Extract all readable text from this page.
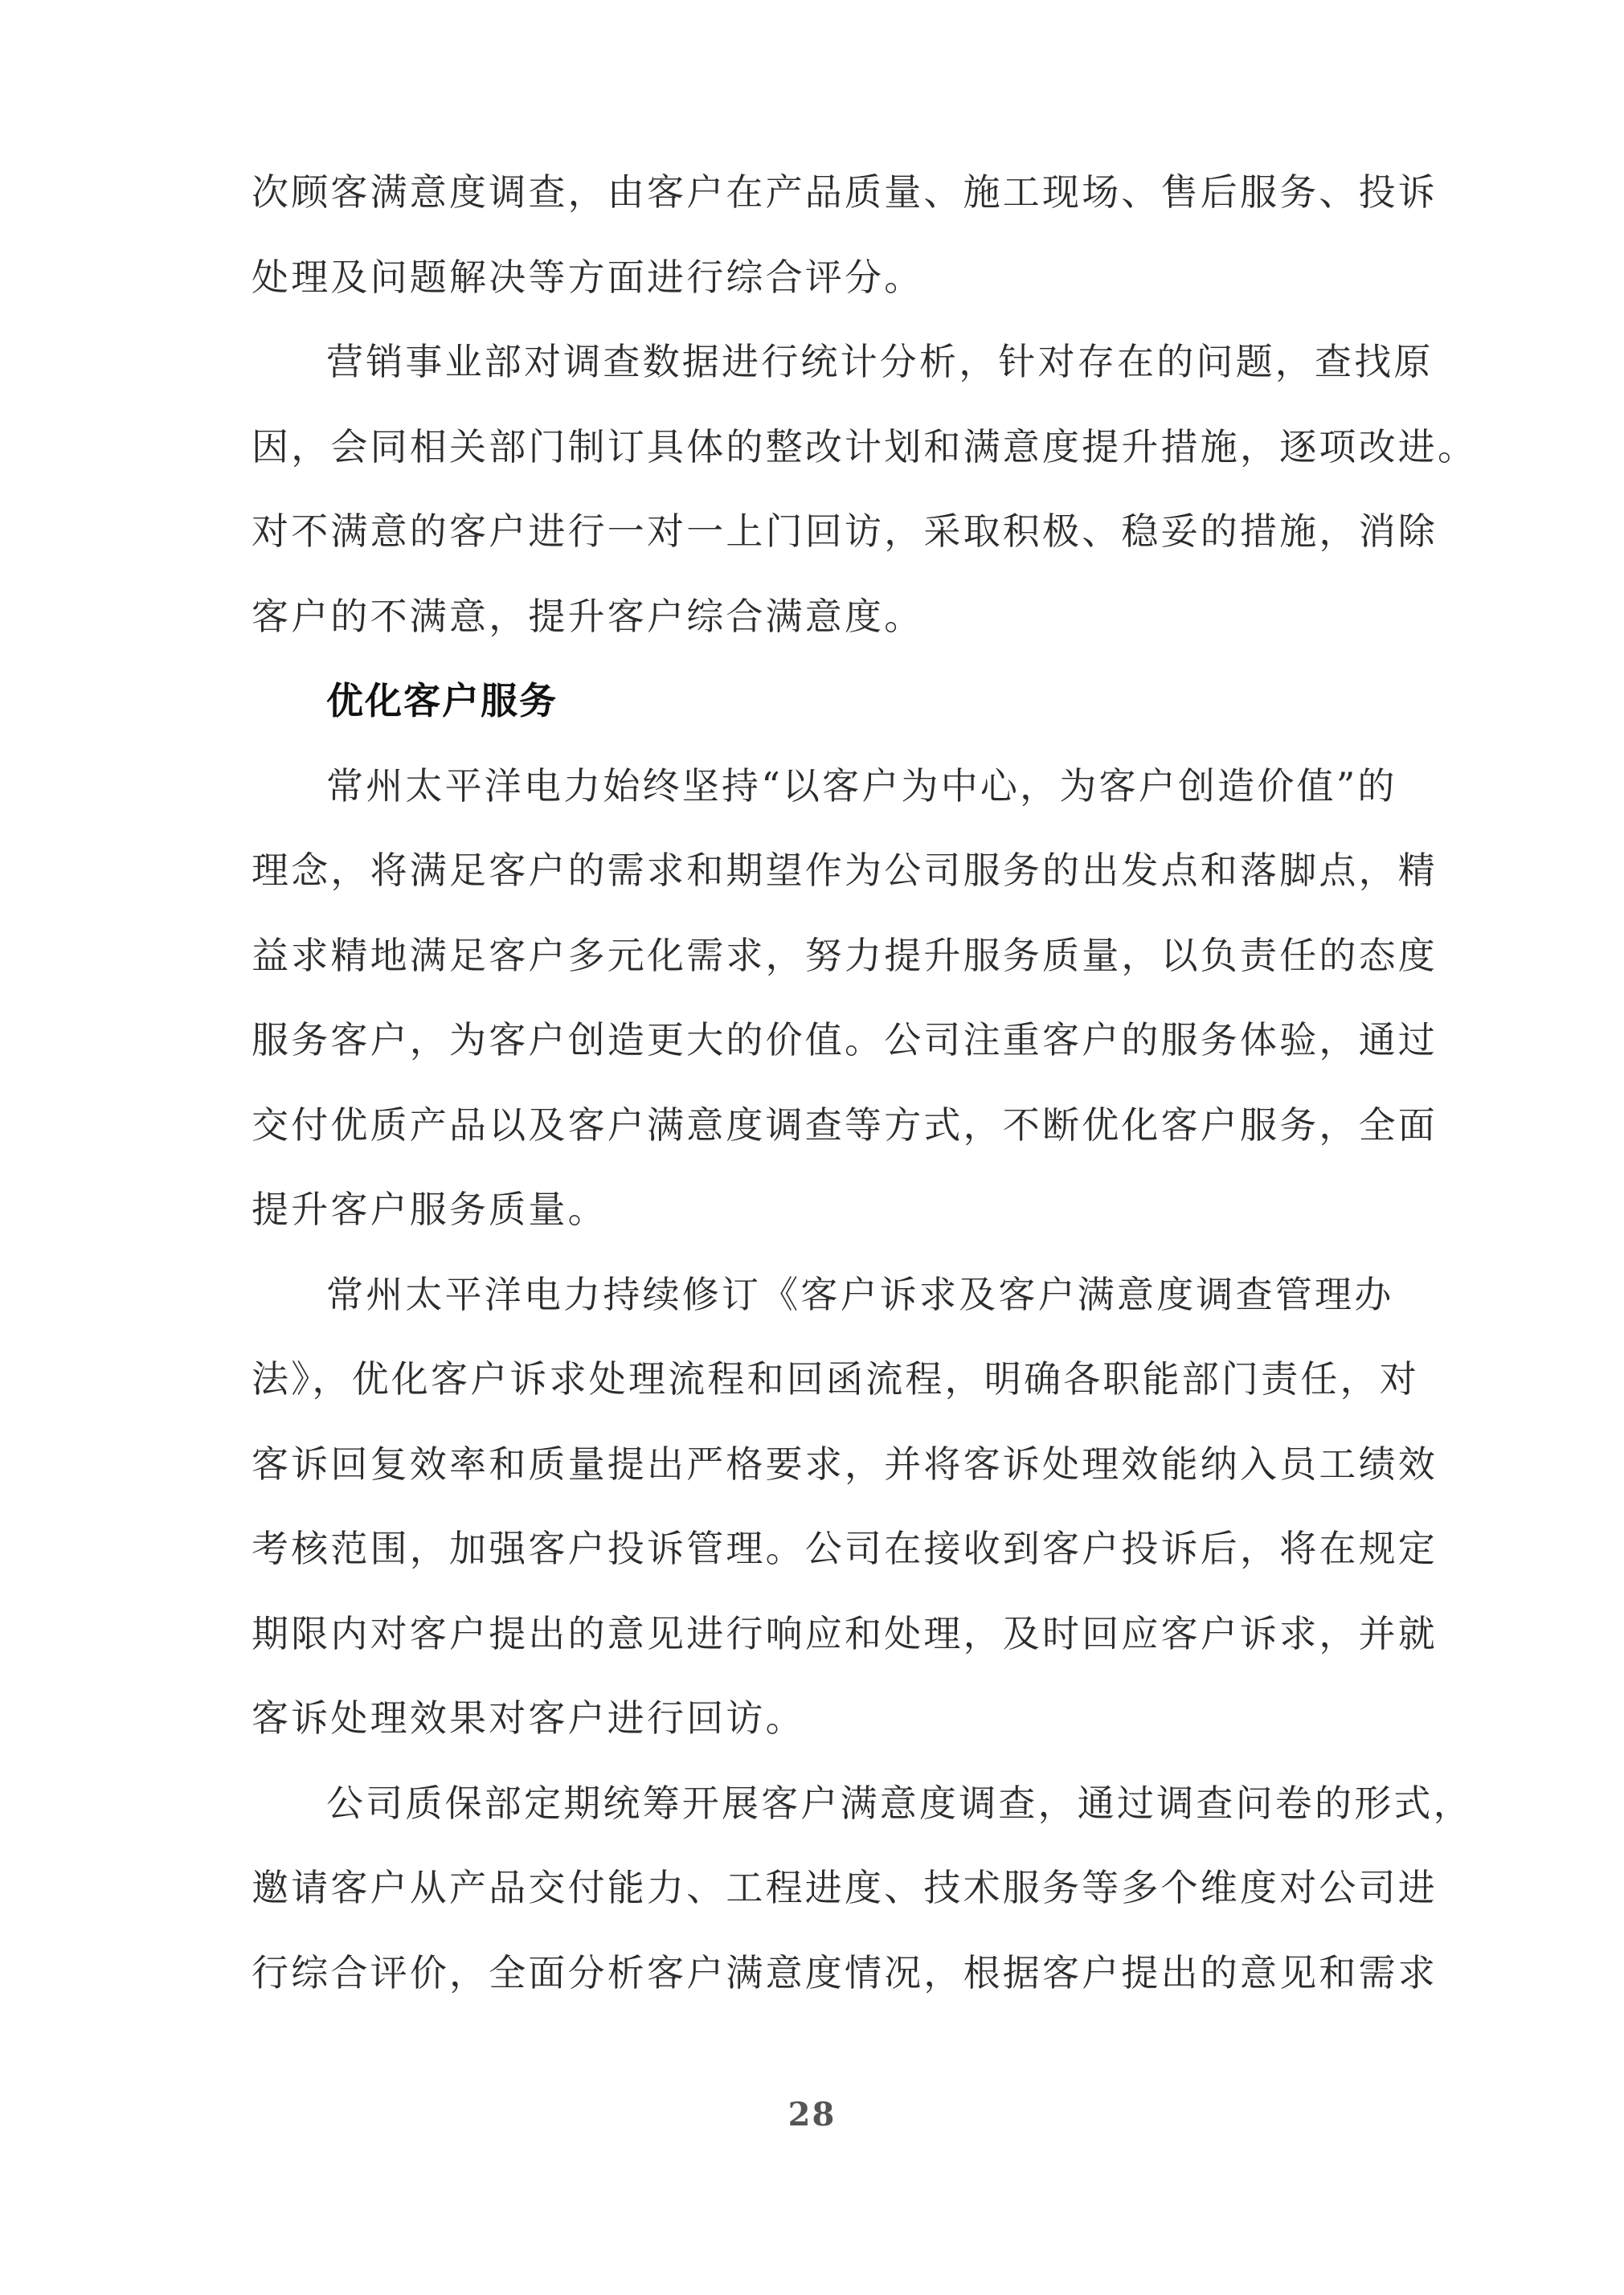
次顾客满意度调查，由客户在产品质量、施工现场、售后服务、投诉
处理及问题解决等方面进行综合评分。
营销事业部对调查数据进行统计分析，针对存在的问题，查找原
因，会同相关部门制订具体的整改计划和满意度提升措施，逐项改进。
对不满意的客户进行一对一上门回访，采取积极、稳妥的措施，消除
客户的不满意，提升客户综合满意度。
优化客户服务
常州太平洋电力始终坚持“以客户为中心，为客户创造价值”的
理念，将满足客户的需求和期望作为公司服务的出发点和落脚点，精
益求精地满足客户多元化需求，努力提升服务质量，以负责任的态度
服务客户，为客户创造更大的价值。公司注重客户的服务体验，通过
交付优质产品以及客户满意度调查等方式，不断优化客户服务，全面
提升客户服务质量。
常州太平洋电力持续修订《客户诉求及客户满意度调查管理办
法》，优化客户诉求处理流程和回函流程，明确各职能部门责任，对
客诉回复效率和质量提出严格要求，并将客诉处理效能纳入员工绩效
考核范围，加强客户投诉管理。公司在接收到客户投诉后，将在规定
期限内对客户提出的意见进行响应和处理，及时回应客户诉求，并就
客诉处理效果对客户进行回访。
公司质保部定期统筹开展客户满意度调查，通过调查问卷的形式，
邀请客户从产品交付能力、工程进度、技术服务等多个维度对公司进
行综合评价，全面分析客户满意度情况，根据客户提出的意见和需求
28
